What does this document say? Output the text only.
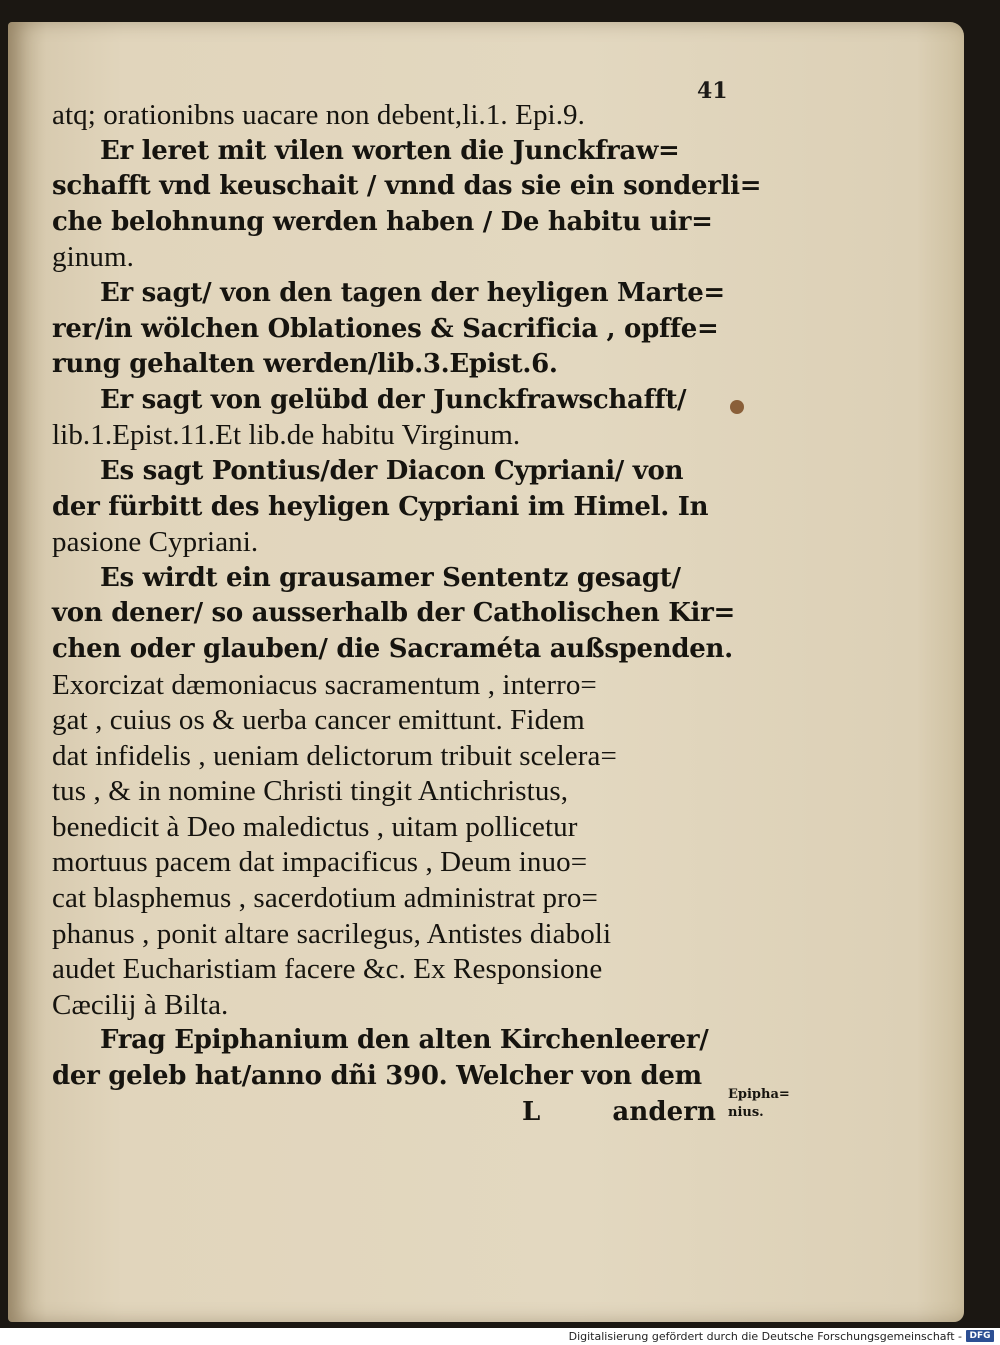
41
atq; orationibns uacare non debent,li.1. Epi.9.
Er leret mit vilen worten die Junckfraw=
schafft vnd keuschait / vnnd das sie ein sonderli=
che belohnung werden haben / De habitu uir=
ginum.
Er sagt/ von den tagen der heyligen Marte=
rer/in wölchen Oblationes & Sacrificia , opffe=
rung gehalten werden/lib.3.Epist.6.
Er sagt von gelübd der Junckfrawschafft/
lib.1.Epist.11.Et lib.de habitu Virginum.
Es sagt Pontius/der Diacon Cypriani/ von
der fürbitt des heyligen Cypriani im Himel. In
pasione Cypriani.
Es wirdt ein grausamer Sententz gesagt/
von dener/ so ausserhalb der Catholischen Kir=
chen oder glauben/ die Sacraméta außspenden.
Exorcizat dæmoniacus sacramentum , interro=
gat , cuius os & uerba cancer emittunt. Fidem
dat infidelis , ueniam delictorum tribuit scelera=
tus , & in nomine Christi tingit Antichristus,
benedicit à Deo maledictus , uitam pollicetur
mortuus pacem dat impacificus , Deum inuo=
cat blasphemus , sacerdotium administrat pro=
phanus , ponit altare sacrilegus, Antistes diaboli
audet Eucharistiam facere &c. Ex Responsione
Cæcilij à Bilta.
Frag Epiphanium den alten Kirchenleerer/
der geleb hat/anno dñi 390. Welcher von dem
L	andern
Epipha=
nius.
Digitalisierung gefördert durch die Deutsche Forschungsgemeinschaft - DFG
